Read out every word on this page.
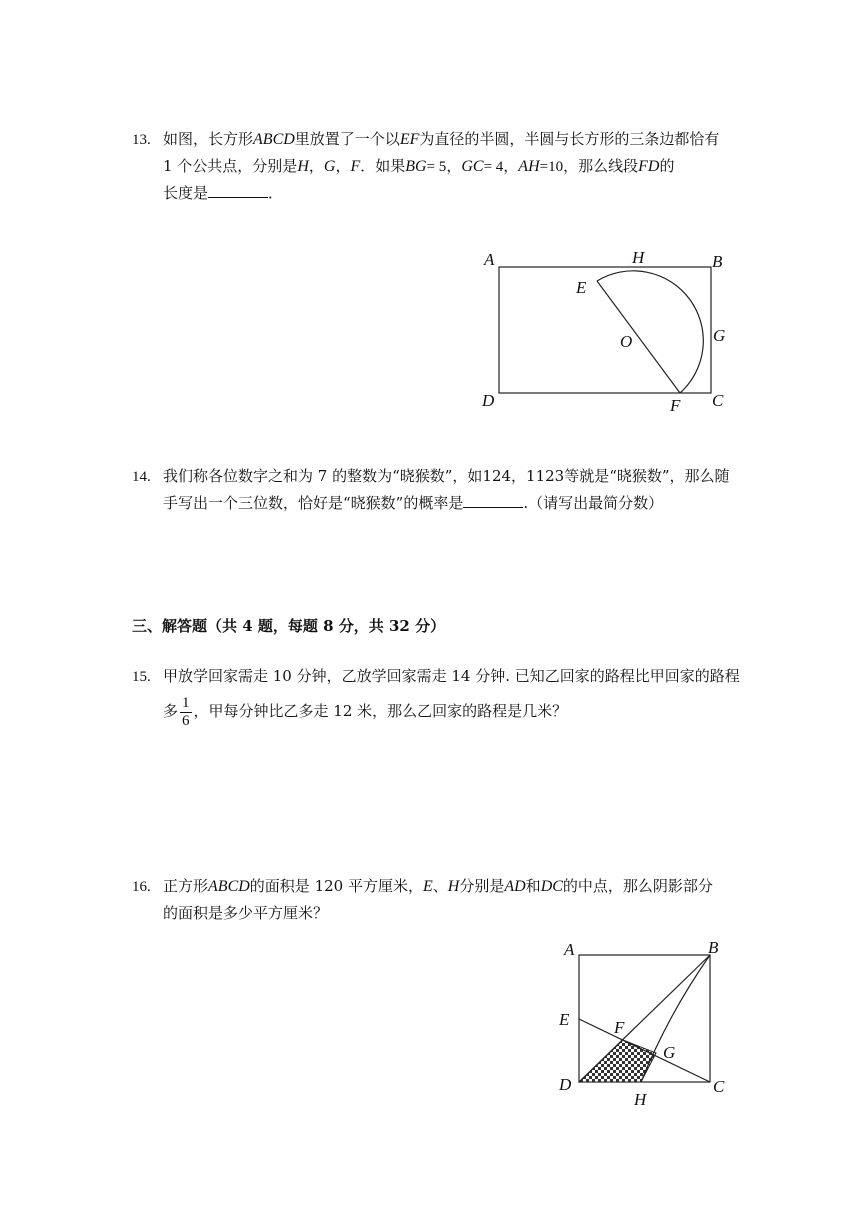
13. 如图，长方形ABCD里放置了一个以EF为直径的半圆，半圆与长方形的三条边都恰有
1 个公共点，分别是H，G，F．如果BG= 5，GC= 4，AH=10，那么线段FD的
长度是	．
A	H	B
E
O	G
D	F C
14. 我们称各位数字之和为 7 的整数为“晓猴数”，如124，1123等就是“晓猴数”，那么随
手写出一个三位数，恰好是“晓猴数”的概率是	.（请写出最简分数）
三、解答题（共 4 题，每题 8 分，共 32 分）
15. 甲放学回家需走 10 分钟，乙放学回家需走 14 分钟. 已知乙回家的路程比甲回家的路程
多 $\frac{1}{6}$ ，甲每分钟比乙多走 12 米，那么乙回家的路程是几米？
16. 正方形ABCD的面积是 120 平方厘米，E、H分别是AD和DC的中点，那么阴影部分
的面积是多少平方厘米？
A	B
E	F
G
D
H
C
